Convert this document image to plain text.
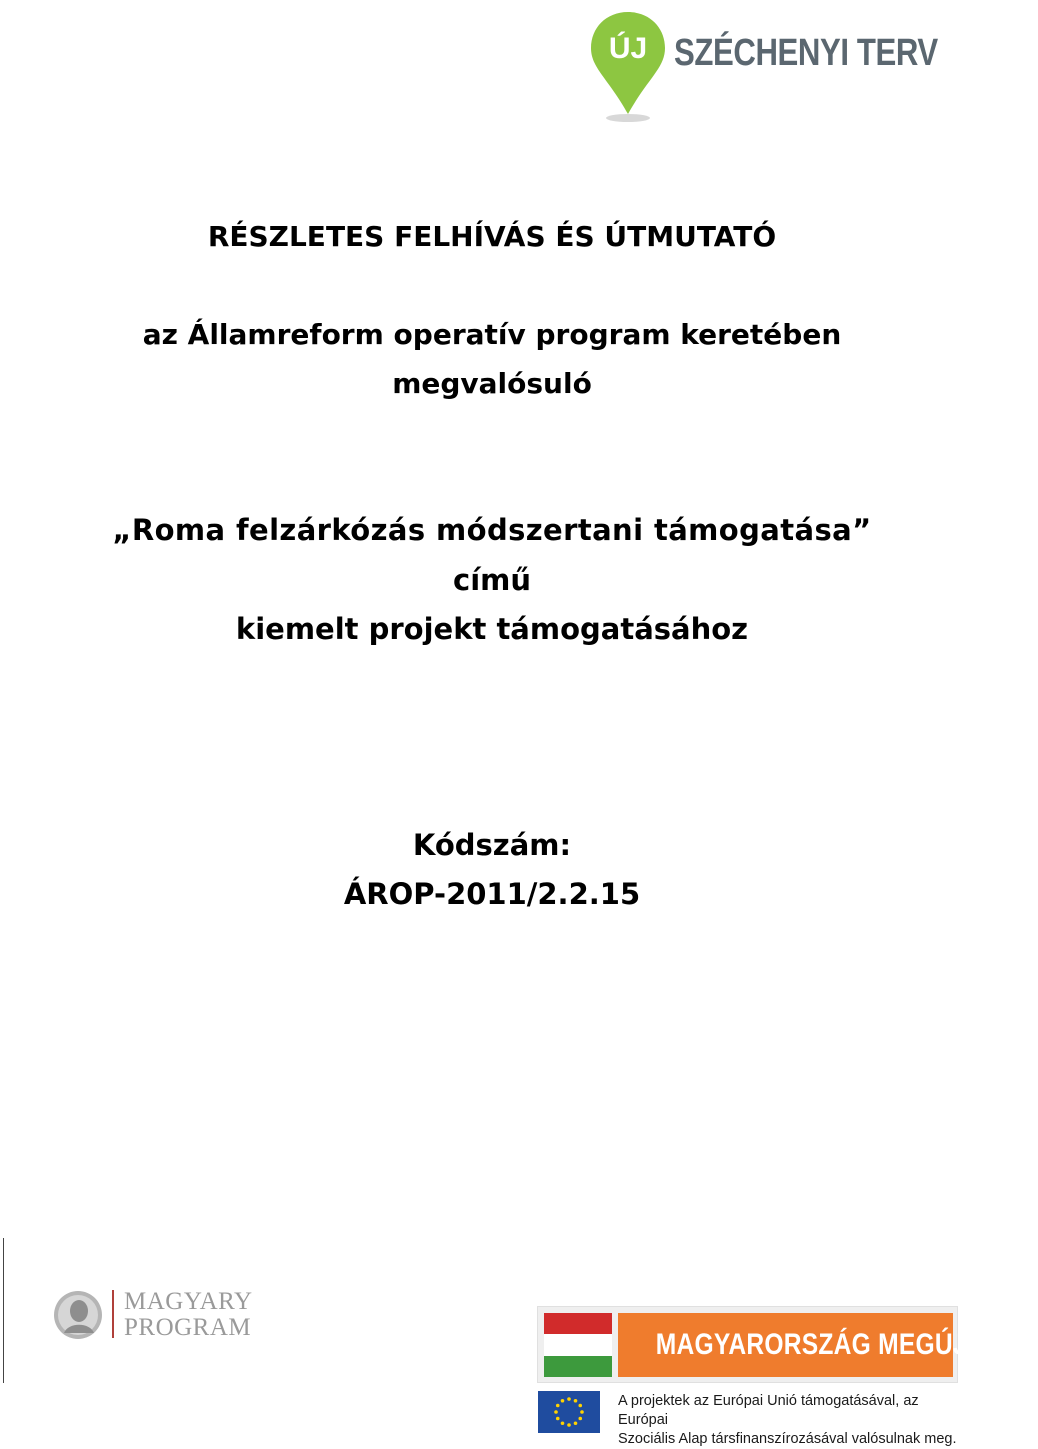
ÚJ SZÉCHENYI TERV
RÉSZLETES FELHÍVÁS ÉS ÚTMUTATÓ
az Államreform operatív program keretében
megvalósuló
„Roma felzárkózás módszertani támogatása”
című
kiemelt projekt támogatásához
Kódszám:
ÁROP-2011/2.2.15
MAGYARY
PROGRAM
MAGYARORSZÁG MEGÚJUL
A projektek az Európai Unió támogatásával, az Európai
Szociális Alap társfinanszírozásával valósulnak meg.
